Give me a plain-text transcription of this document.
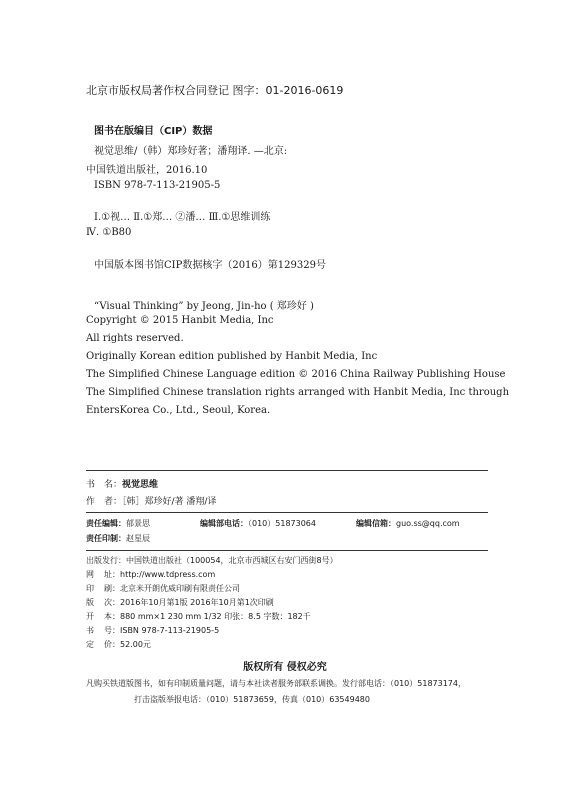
北京市版权局著作权合同登记 图字：01-2016-0619
图书在版编目（CIP）数据
视觉思维/（韩）郑珍好著；潘翔译. —北京:
中国铁道出版社，2016.10
ISBN 978-7-113-21905-5
Ⅰ.①视… Ⅱ.①郑… ②潘… Ⅲ.①思维训练
Ⅳ. ①B80
中国版本图书馆CIP数据核字（2016）第129329号
“Visual Thinking” by Jeong, Jin-ho ( 郑珍好 )
Copyright © 2015 Hanbit Media, Inc
All rights reserved.
Originally Korean edition published by Hanbit Media, Inc
The Simplified Chinese Language edition © 2016 China Railway Publishing House
The Simplified Chinese translation rights arranged with Hanbit Media, Inc through
EntersKorea Co., Ltd., Seoul, Korea.
书 名：视觉思维
作 者：［韩］郑珍好/著 潘翔/译
责任编辑：郁景思	编辑部电话：（010）51873064	编辑信箱：guo.ss@qq.com
责任印制：赵星辰
出版发行：中国铁道出版社（100054，北京市西城区右安门西街8号）
网 址：http://www.tdpress.com
印 刷：北京米开朗优威印刷有限责任公司
版 次：2016年10月第1版 2016年10月第1次印刷
开 本：880 mm×1 230 mm 1/32 印张：8.5 字数：182千
书 号：ISBN 978-7-113-21905-5
定 价：52.00元
版权所有 侵权必究
凡购买铁道版图书，如有印制质量问题，请与本社读者服务部联系调换。发行部电话：（010）51873174，
打击盗版举报电话：（010）51873659，传真（010）63549480
